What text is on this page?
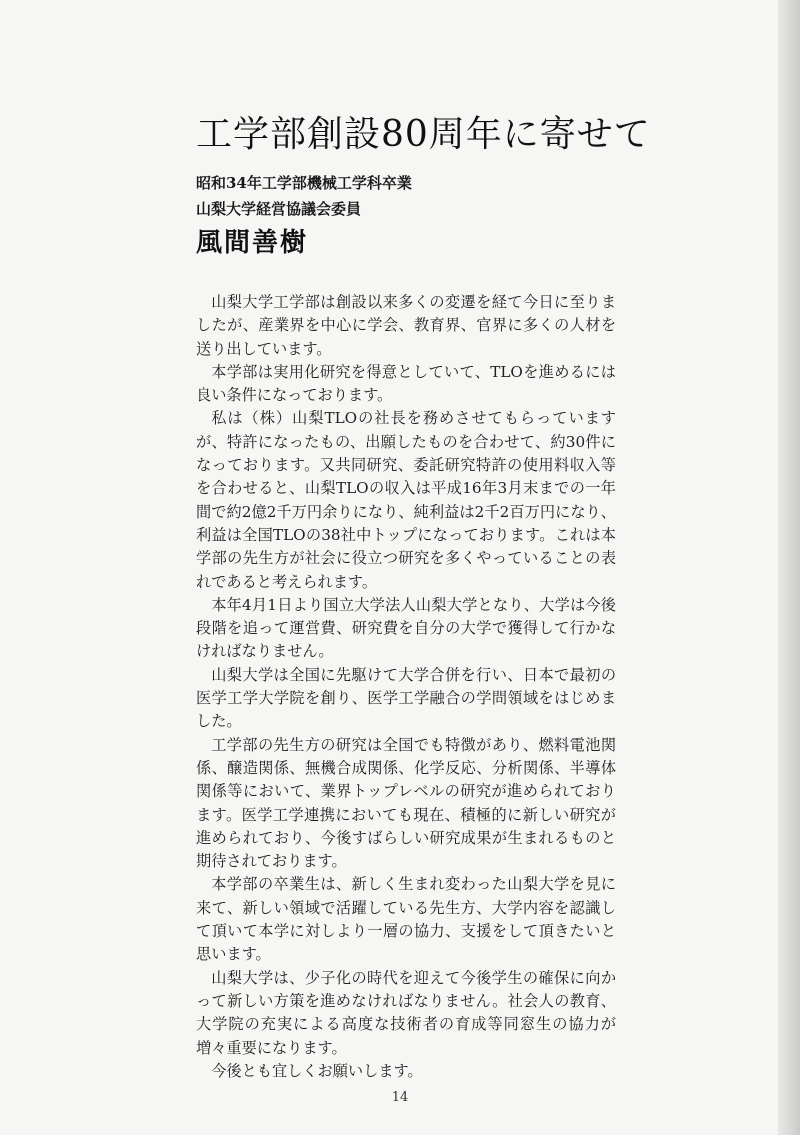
工学部創設80周年に寄せて

昭和34年工学部機械工学科卒業

山梨大学経営協議会委員

風間善樹

山梨大学工学部は創設以来多くの変遷を経て今日に至りましたが、産業界を中心に学会、教育界、官界に多くの人材を送り出しています。

本学部は実用化研究を得意としていて、TLOを進めるには良い条件になっております。

私は（株）山梨TLOの社長を務めさせてもらっていますが、特許になったもの、出願したものを合わせて、約30件になっております。又共同研究、委託研究特許の使用料収入等を合わせると、山梨TLOの収入は平成16年3月末までの一年間で約2億2千万円余りになり、純利益は2千2百万円になり、利益は全国TLOの38社中トップになっております。これは本学部の先生方が社会に役立つ研究を多くやっていることの表れであると考えられます。

本年4月1日より国立大学法人山梨大学となり、大学は今後段階を追って運営費、研究費を自分の大学で獲得して行かなければなりません。

山梨大学は全国に先駆けて大学合併を行い、日本で最初の医学工学大学院を創り、医学工学融合の学問領域をはじめました。

工学部の先生方の研究は全国でも特徴があり、燃料電池関係、醸造関係、無機合成関係、化学反応、分析関係、半導体関係等において、業界トップレベルの研究が進められております。医学工学連携においても現在、積極的に新しい研究が進められており、今後すばらしい研究成果が生まれるものと期待されております。

本学部の卒業生は、新しく生まれ変わった山梨大学を見に来て、新しい領域で活躍している先生方、大学内容を認識して頂いて本学に対しより一層の協力、支援をして頂きたいと思います。

山梨大学は、少子化の時代を迎えて今後学生の確保に向かって新しい方策を進めなければなりません。社会人の教育、大学院の充実による高度な技術者の育成等同窓生の協力が増々重要になります。

今後とも宜しくお願いします。

14
